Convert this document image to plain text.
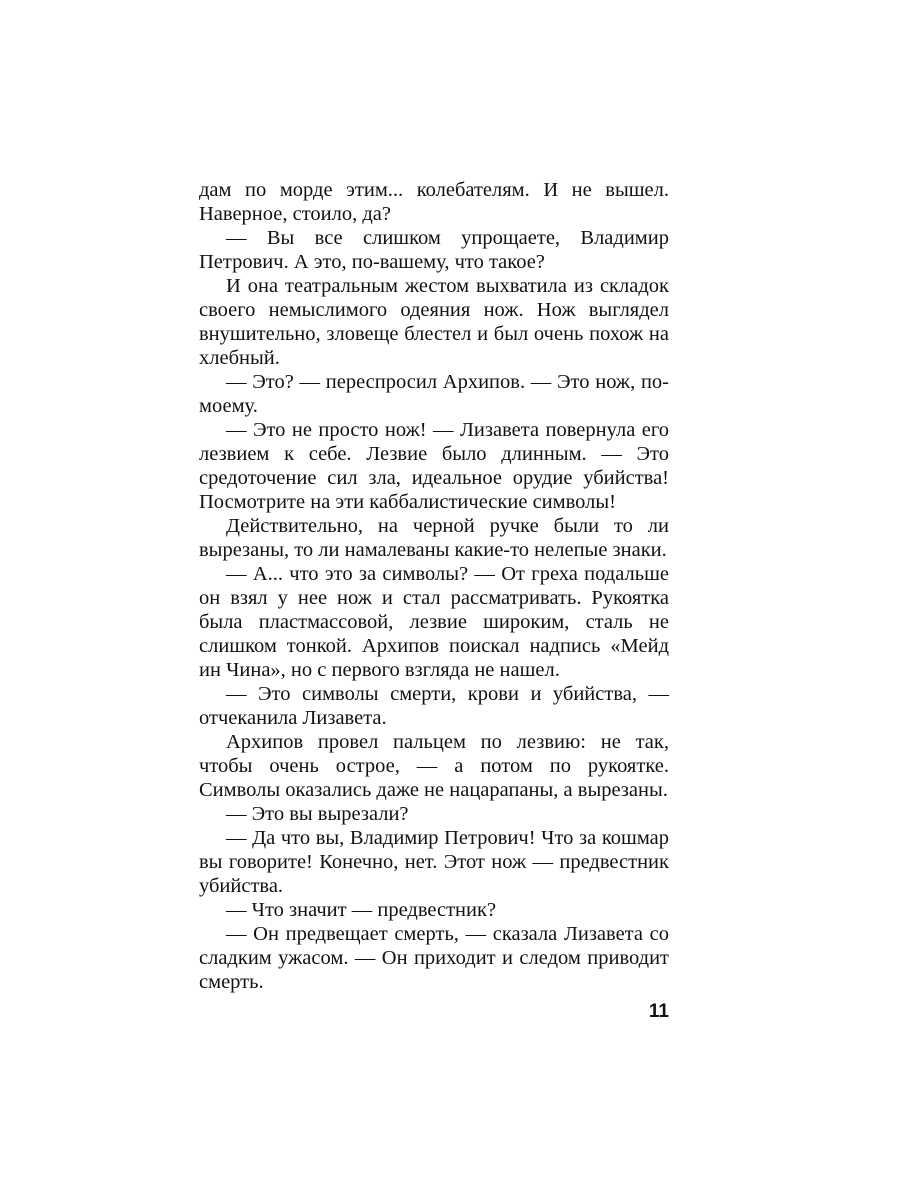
дам по морде этим... колебателям. И не вышел. Наверное, стоило, да?

— Вы все слишком упрощаете, Владимир Петрович. А это, по-вашему, что такое?

И она театральным жестом выхватила из складок своего немыслимого одеяния нож. Нож выглядел внушительно, зловеще блестел и был очень похож на хлебный.

— Это? — переспросил Архипов. — Это нож, по-моему.

— Это не просто нож! — Лизавета повернула его лезвием к себе. Лезвие было длинным. — Это средоточение сил зла, идеальное орудие убийства! Посмотрите на эти каббалистические символы!

Действительно, на черной ручке были то ли вырезаны, то ли намалеваны какие-то нелепые знаки.

— А... что это за символы? — От греха подальше он взял у нее нож и стал рассматривать. Рукоятка была пластмассовой, лезвие широким, сталь не слишком тонкой. Архипов поискал надпись «Мейд ин Чина», но с первого взгляда не нашел.

— Это символы смерти, крови и убийства, — отчеканила Лизавета.

Архипов провел пальцем по лезвию: не так, чтобы очень острое, — а потом по рукоятке. Символы оказались даже не нацарапаны, а вырезаны.

— Это вы вырезали?

— Да что вы, Владимир Петрович! Что за кошмар вы говорите! Конечно, нет. Этот нож — предвестник убийства.

— Что значит — предвестник?

— Он предвещает смерть, — сказала Лизавета со сладким ужасом. — Он приходит и следом приводит смерть.

11
